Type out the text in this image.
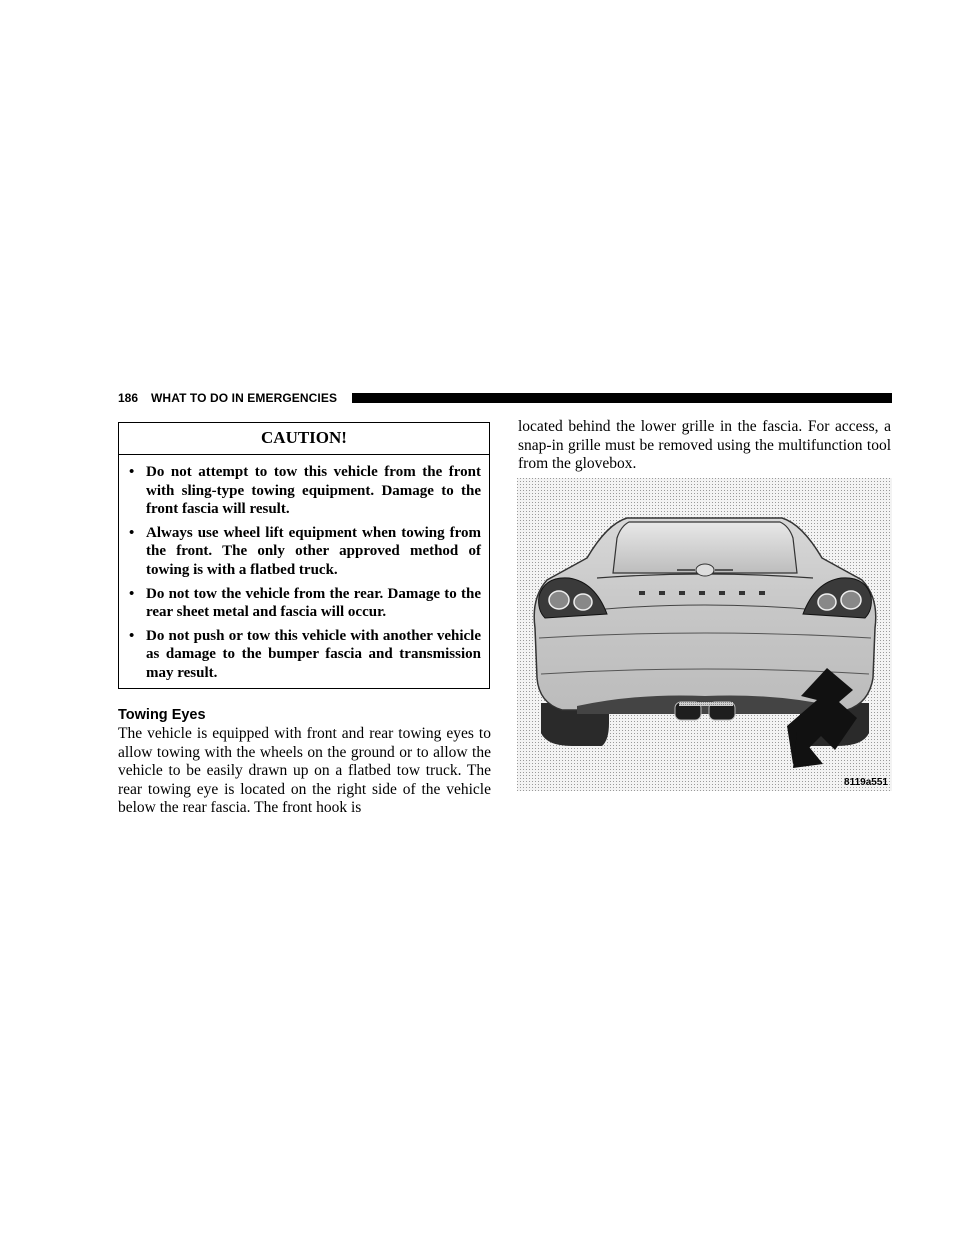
186 WHAT TO DO IN EMERGENCIES
CAUTION!
• Do not attempt to tow this vehicle from the front with sling-type towing equipment. Damage to the front fascia will result.
• Always use wheel lift equipment when towing from the front. The only other approved method of towing is with a flatbed truck.
• Do not tow the vehicle from the rear. Damage to the rear sheet metal and fascia will occur.
• Do not push or tow this vehicle with another vehicle as damage to the bumper fascia and transmission may result.
Towing Eyes

The vehicle is equipped with front and rear towing eyes to allow towing with the wheels on the ground or to allow the vehicle to be easily drawn up on a flatbed tow truck. The rear towing eye is located on the right side of the vehicle below the rear fascia. The front hook is

located behind the lower grille in the fascia. For access, a snap-in grille must be removed using the multifunction tool from the glovebox.

8119a551
